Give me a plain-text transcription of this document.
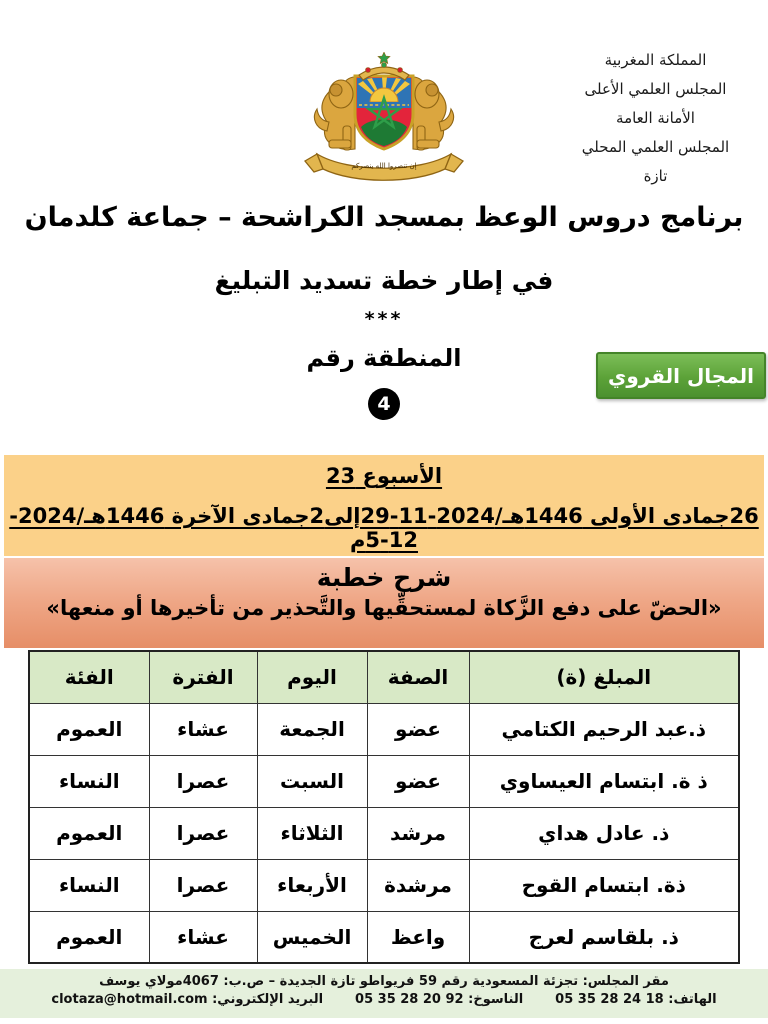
المملكة المغربية
المجلس العلمي الأعلى
الأمانة العامة
المجلس العلمي المحلي
تازة
إن تنصروا الله ينصركم
برنامج دروس الوعظ بمسجد الكراشحة – جماعة كلدمان
في إطار خطة تسديد التبليغ
***
المنطقة رقم
4
المجال القروي
الأسبوع 23
26جمادى الأولى 1446هـ/2024-11-29إلى2جمادى الآخرة 1446هـ/2024-12-5م
شرح خطبة
«الحضّ على دفع الزَّكاة لمستحقِّيها والتَّحذير من تأخيرها أو منعها»
المبلغ (ة)	الصفة	اليوم	الفترة	الفئة
ذ.عبد الرحيم الكتامي	عضو	الجمعة	عشاء	العموم
ذ ة. ابتسام العيساوي	عضو	السبت	عصرا	النساء
ذ. عادل هداي	مرشد	الثلاثاء	عصرا	العموم
ذة. ابتسام القوح	مرشدة	الأربعاء	عصرا	النساء
ذ. بلقاسم لعرج	واعظ	الخميس	عشاء	العموم
مقر المجلس: تجزئة المسعودية رقم 59 فريواطو تازة الجديدة – ص.ب: 4067مولاي يوسف
الهاتف: 05 35 28 24 18
الناسوخ: 05 35 28 20 92
البريد الإلكتروني: clotaza@hotmail.com
